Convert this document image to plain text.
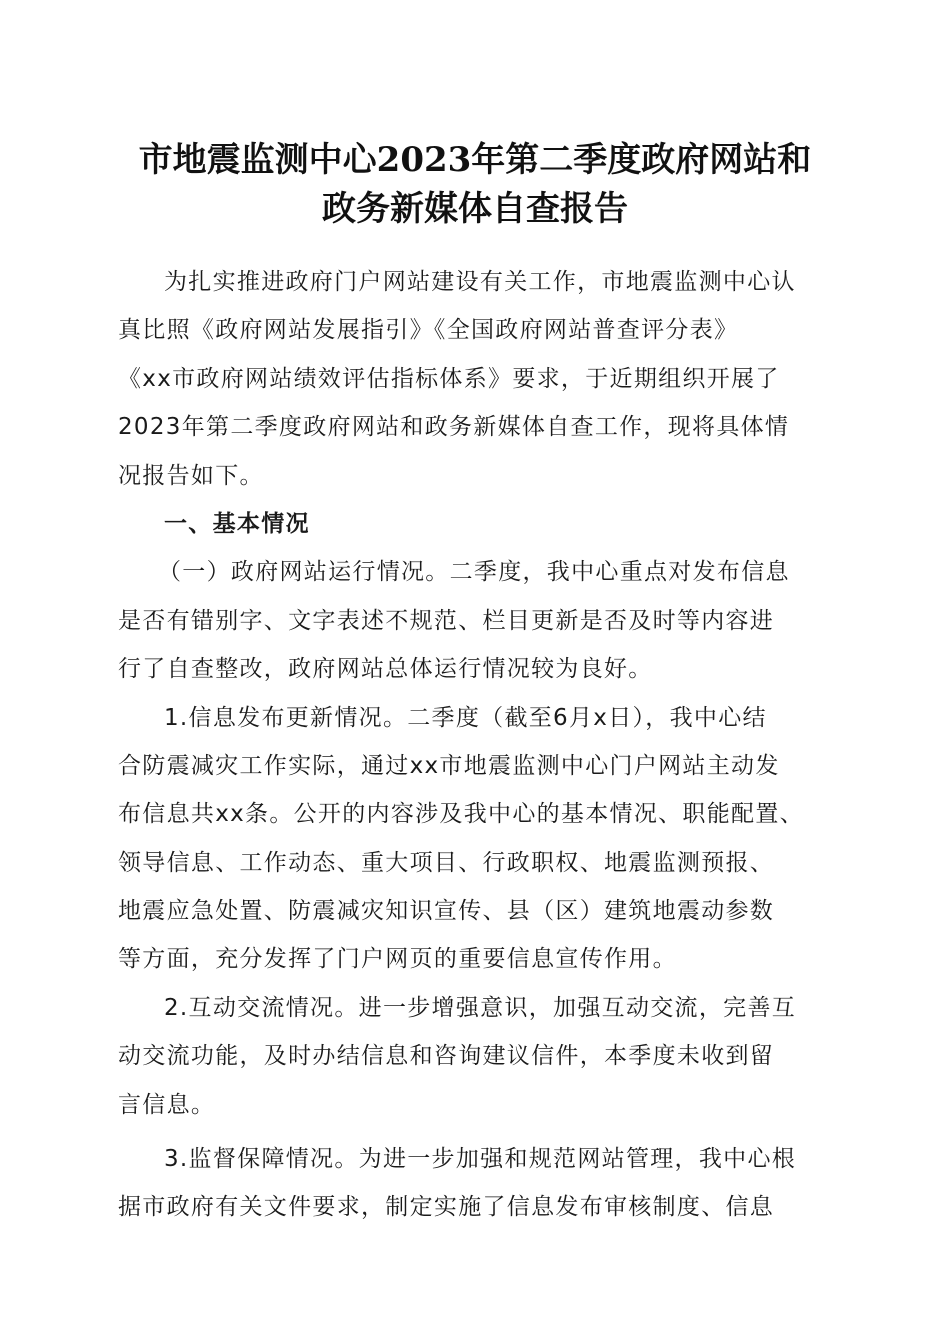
市地震监测中心2023年第二季度政府网站和
政务新媒体自查报告
为扎实推进政府门户网站建设有关工作，市地震监测中心认
真比照《政府网站发展指引》《全国政府网站普查评分表》
《xx市政府网站绩效评估指标体系》要求，于近期组织开展了
2023年第二季度政府网站和政务新媒体自查工作，现将具体情
况报告如下。
一、基本情况
（一）政府网站运行情况。二季度，我中心重点对发布信息
是否有错别字、文字表述不规范、栏目更新是否及时等内容进
行了自查整改，政府网站总体运行情况较为良好。
1.信息发布更新情况。二季度（截至6月x日），我中心结
合防震减灾工作实际，通过xx市地震监测中心门户网站主动发
布信息共xx条。公开的内容涉及我中心的基本情况、职能配置、
领导信息、工作动态、重大项目、行政职权、地震监测预报、
地震应急处置、防震减灾知识宣传、县（区）建筑地震动参数
等方面，充分发挥了门户网页的重要信息宣传作用。
2.互动交流情况。进一步增强意识，加强互动交流，完善互
动交流功能，及时办结信息和咨询建议信件，本季度未收到留
言信息。
3.监督保障情况。为进一步加强和规范网站管理，我中心根
据市政府有关文件要求，制定实施了信息发布审核制度、信息
